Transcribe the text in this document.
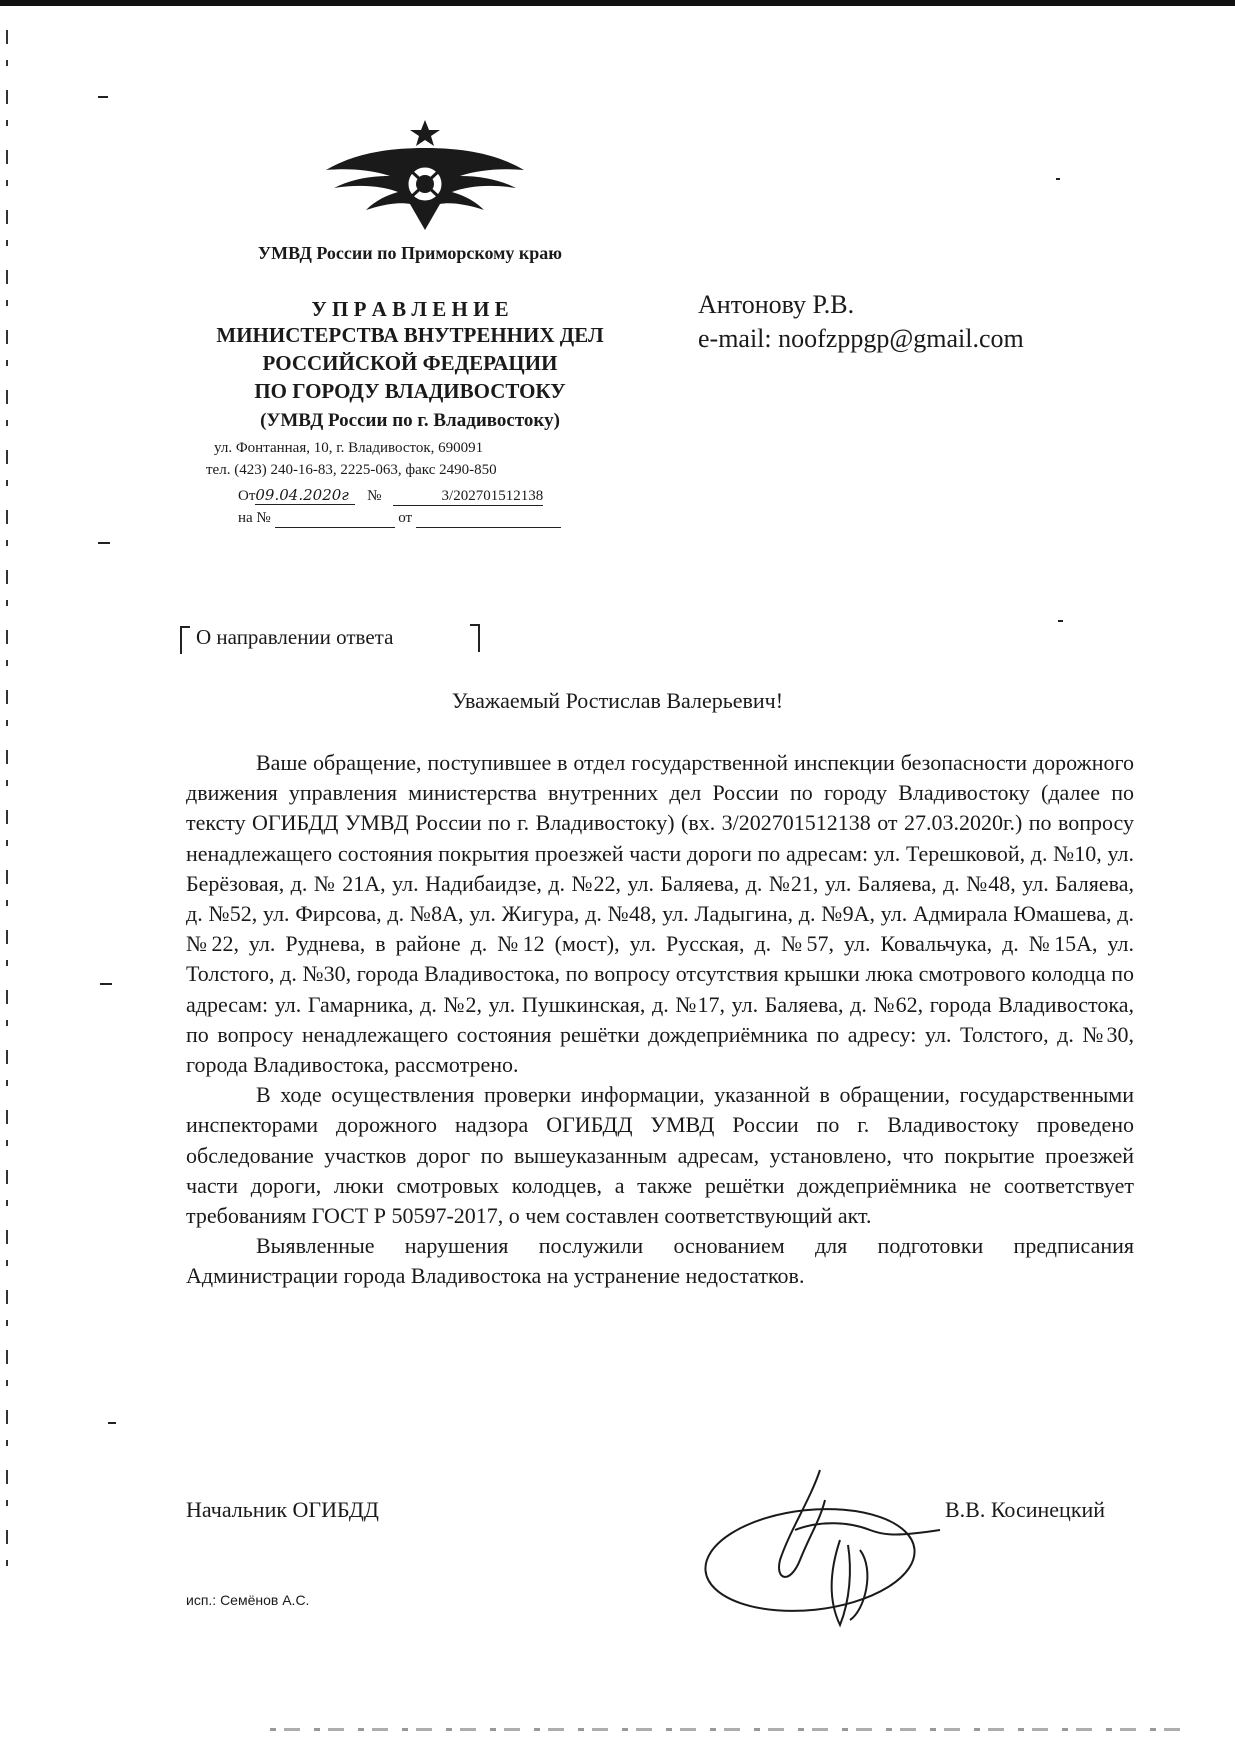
УМВД России по Приморскому краю
У П Р А В Л Е Н И Е
МИНИСТЕРСТВА ВНУТРЕННИХ ДЕЛ
РОССИЙСКОЙ ФЕДЕРАЦИИ
ПО ГОРОДУ ВЛАДИВОСТОКУ
(УМВД России по г. Владивостоку)
ул. Фонтанная, 10, г. Владивосток, 690091
тел. (423) 240-16-83, 2225-063, факс 2490-850
От09.04.2020г №	3/202701512138
на №	от
Антонову Р.В.
e-mail: noofzppgp@gmail.com
О направлении ответа
Уважаемый Ростислав Валерьевич!

Ваше обращение, поступившее в отдел государственной инспекции безопасности дорожного движения управления министерства внутренних дел России по городу Владивостоку (далее по тексту ОГИБДД УМВД России по г. Владивостоку) (вх. 3/202701512138 от 27.03.2020г.) по вопросу ненадлежащего состояния покрытия проезжей части дороги по адресам: ул. Терешковой, д. №10, ул. Берёзовая, д. № 21А, ул. Надибаидзе, д. №22, ул. Баляева, д. №21, ул. Баляева, д. №48, ул. Баляева, д. №52, ул. Фирсова, д. №8А, ул. Жигура, д. №48, ул. Ладыгина, д. №9А, ул. Адмирала Юмашева, д. №22, ул. Руднева, в районе д. №12 (мост), ул. Русская, д. №57, ул. Ковальчука, д. №15А, ул. Толстого, д. №30, города Владивостока, по вопросу отсутствия крышки люка смотрового колодца по адресам: ул. Гамарника, д. №2, ул. Пушкинская, д. №17, ул. Баляева, д. №62, города Владивостока, по вопросу ненадлежащего состояния решётки дождеприёмника по адресу: ул. Толстого, д. №30, города Владивостока, рассмотрено.

В ходе осуществления проверки информации, указанной в обращении, государственными инспекторами дорожного надзора ОГИБДД УМВД России по г. Владивостоку проведено обследование участков дорог по вышеуказанным адресам, установлено, что покрытие проезжей части дороги, люки смотровых колодцев, а также решётки дождеприёмника не соответствует требованиям ГОСТ Р 50597-2017, о чем составлен соответствующий акт.

Выявленные нарушения послужили основанием для подготовки предписания Администрации города Владивостока на устранение недостатков.

Начальник ОГИБДД	В.В. Косинецкий
исп.: Семёнов А.С.
